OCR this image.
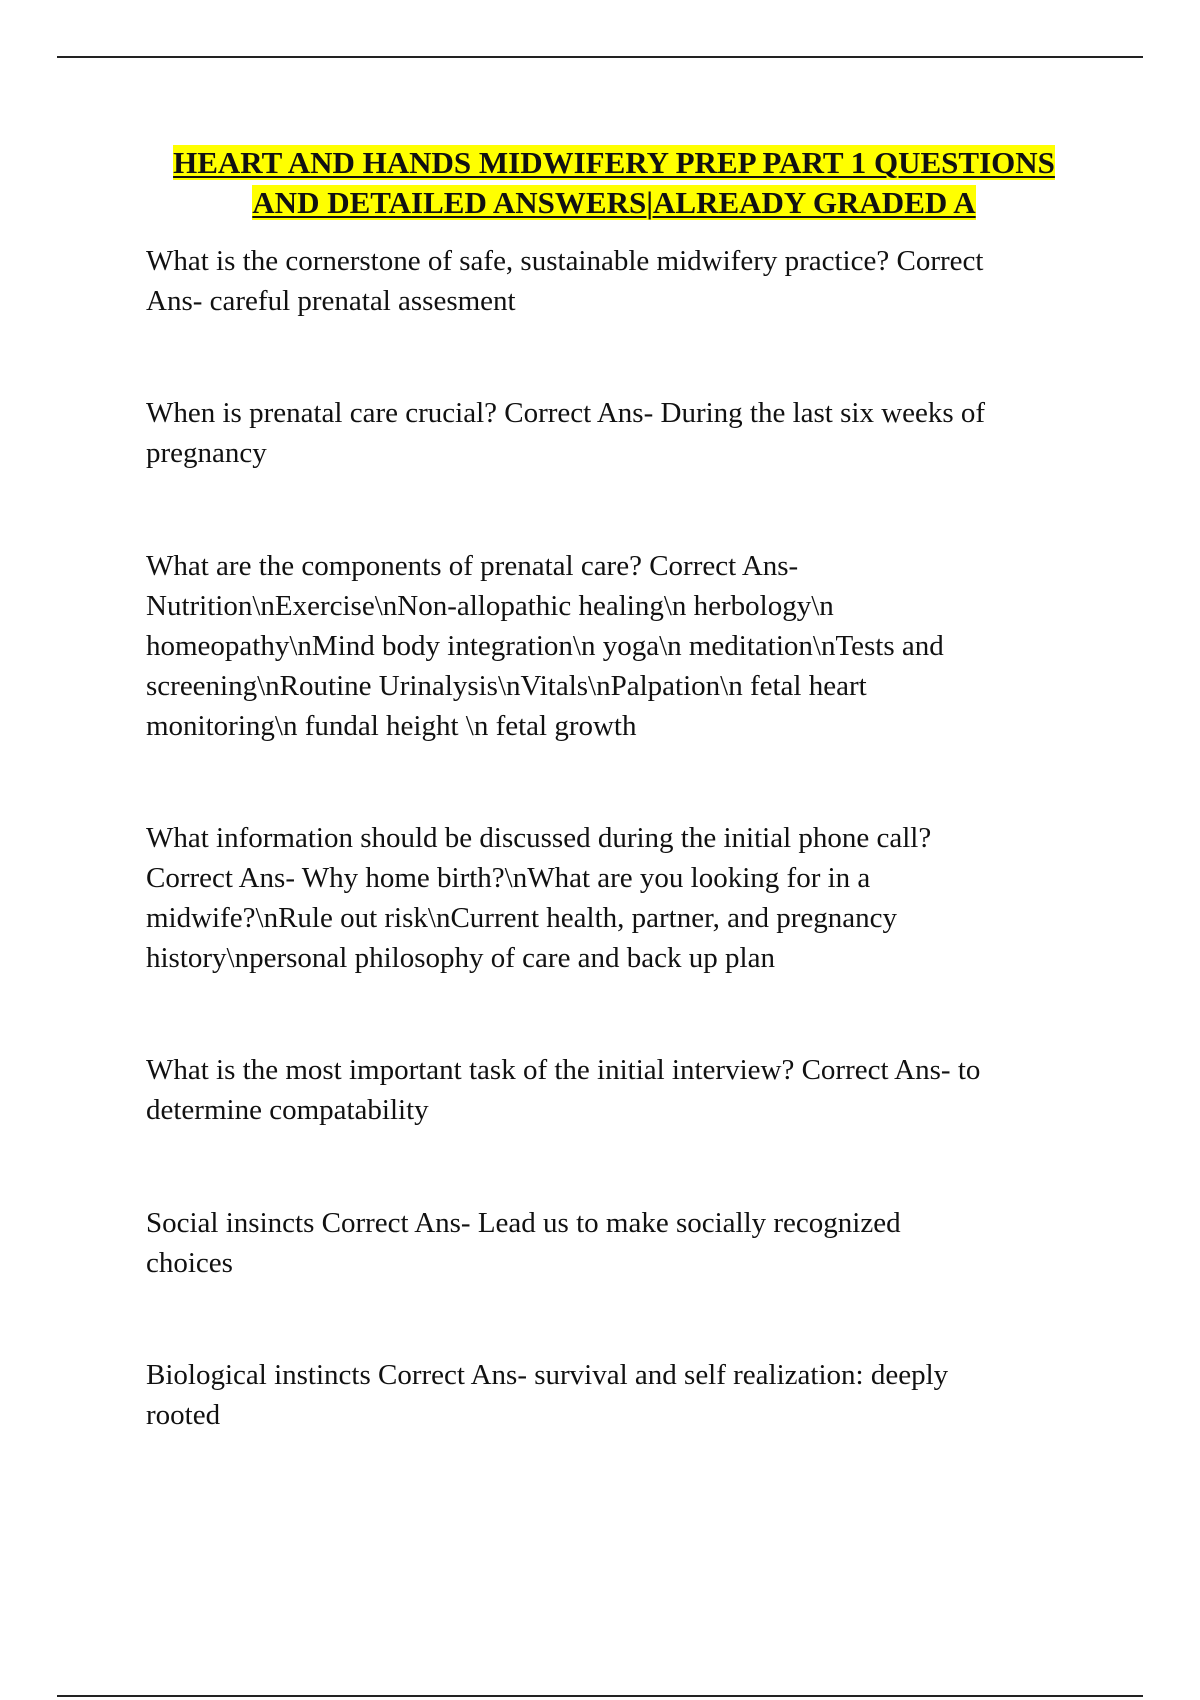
HEART AND HANDS MIDWIFERY PREP PART 1 QUESTIONS
AND DETAILED ANSWERS|ALREADY GRADED A

What is the cornerstone of safe, sustainable midwifery practice? Correct
Ans- careful prenatal assesment

When is prenatal care crucial? Correct Ans- During the last six weeks of
pregnancy

What are the components of prenatal care? Correct Ans-
Nutrition\nExercise\nNon-allopathic healing\n herbology\n
homeopathy\nMind body integration\n yoga\n meditation\nTests and
screening\nRoutine Urinalysis\nVitals\nPalpation\n fetal heart
monitoring\n fundal height \n fetal growth

What information should be discussed during the initial phone call?
Correct Ans- Why home birth?\nWhat are you looking for in a
midwife?\nRule out risk\nCurrent health, partner, and pregnancy
history\npersonal philosophy of care and back up plan

What is the most important task of the initial interview? Correct Ans- to
determine compatability

Social insincts Correct Ans- Lead us to make socially recognized
choices

Biological instincts Correct Ans- survival and self realization: deeply
rooted
